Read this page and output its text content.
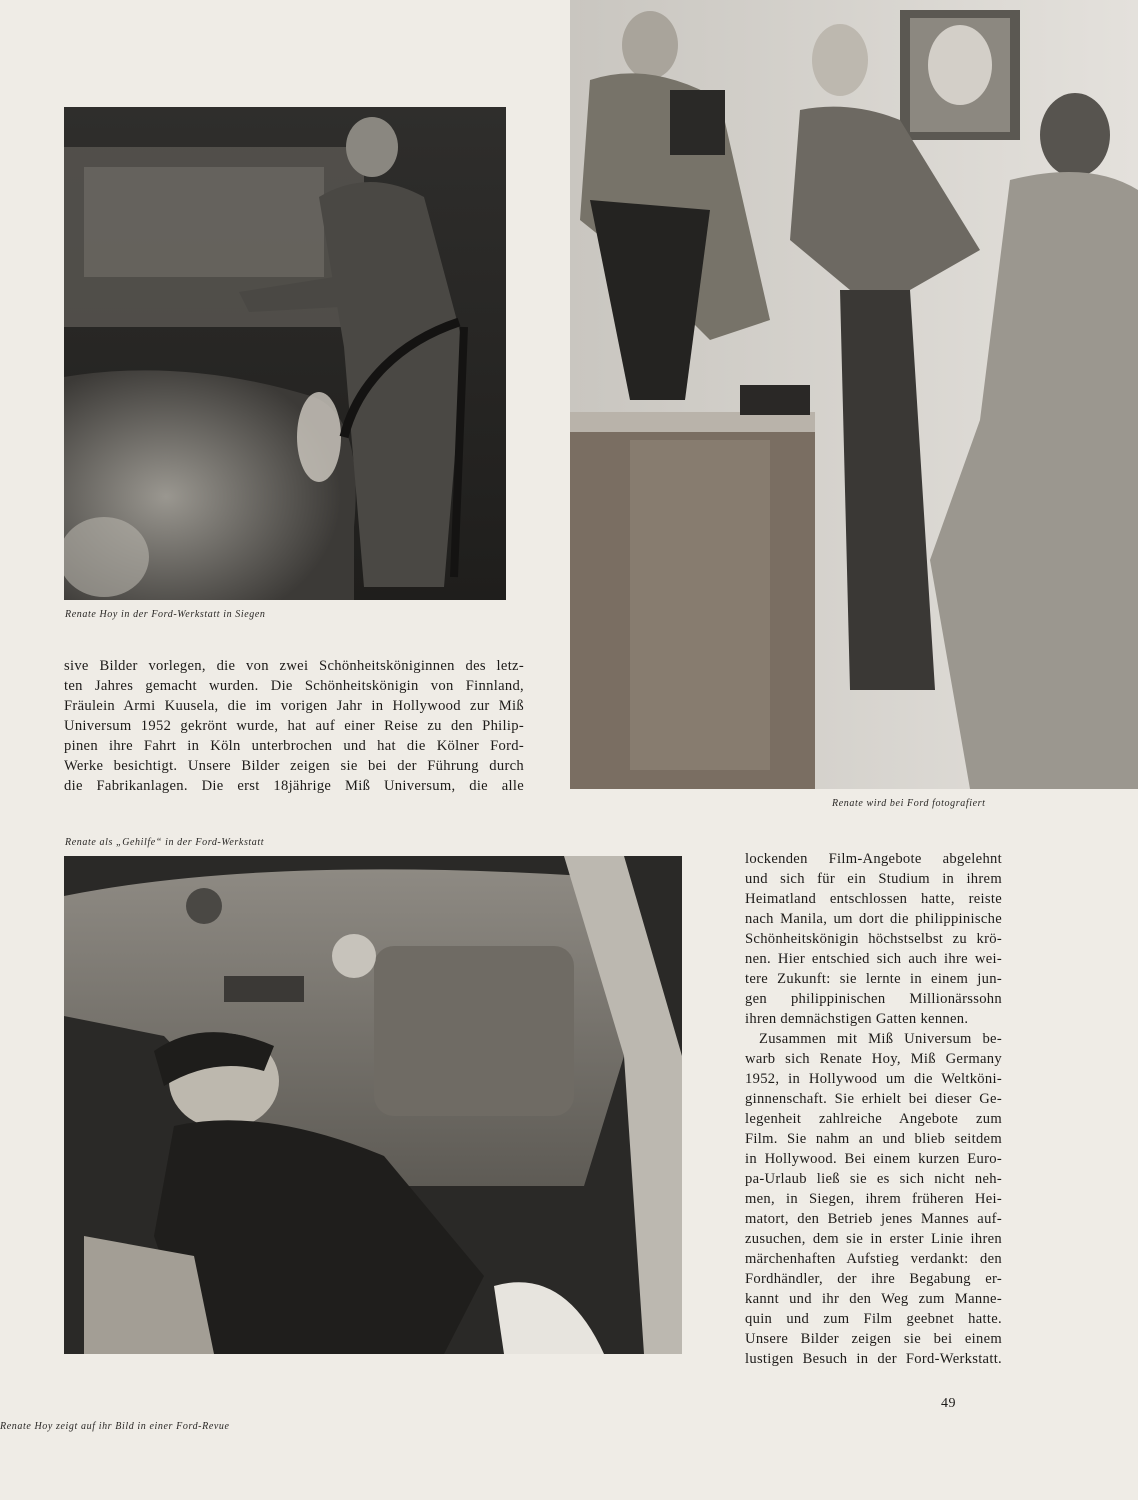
Renate Hoy in der Ford-Werkstatt in Siegen
Renate wird bei Ford fotografiert
sive Bilder vorlegen, die von zwei Schönheitsköniginnen des letz-
ten Jahres gemacht wurden. Die Schönheitskönigin von Finnland,
Fräulein Armi Kuusela, die im vorigen Jahr in Hollywood zur Miß
Universum 1952 gekrönt wurde, hat auf einer Reise zu den Philip-
pinen ihre Fahrt in Köln unterbrochen und hat die Kölner Ford-
Werke besichtigt. Unsere Bilder zeigen sie bei der Führung durch
die Fabrikanlagen. Die erst 18jährige Miß Universum, die alle
Renate als „Gehilfe“ in der Ford-Werkstatt
Renate Hoy zeigt auf ihr Bild in einer Ford-Revue
lockenden Film-Angebote abgelehnt
und sich für ein Studium in ihrem
Heimatland entschlossen hatte, reiste
nach Manila, um dort die philippinische
Schönheitskönigin höchstselbst zu krö-
nen. Hier entschied sich auch ihre wei-
tere Zukunft: sie lernte in einem jun-
gen philippinischen Millionärssohn
ihren demnächstigen Gatten kennen.
Zusammen mit Miß Universum be-
warb sich Renate Hoy, Miß Germany
1952, in Hollywood um die Weltköni-
ginnenschaft. Sie erhielt bei dieser Ge-
legenheit zahlreiche Angebote zum
Film. Sie nahm an und blieb seitdem
in Hollywood. Bei einem kurzen Euro-
pa-Urlaub ließ sie es sich nicht neh-
men, in Siegen, ihrem früheren Hei-
matort, den Betrieb jenes Mannes auf-
zusuchen, dem sie in erster Linie ihren
märchenhaften Aufstieg verdankt: den
Fordhändler, der ihre Begabung er-
kannt und ihr den Weg zum Manne-
quin und zum Film geebnet hatte.
Unsere Bilder zeigen sie bei einem
lustigen Besuch in der Ford-Werkstatt.
49
